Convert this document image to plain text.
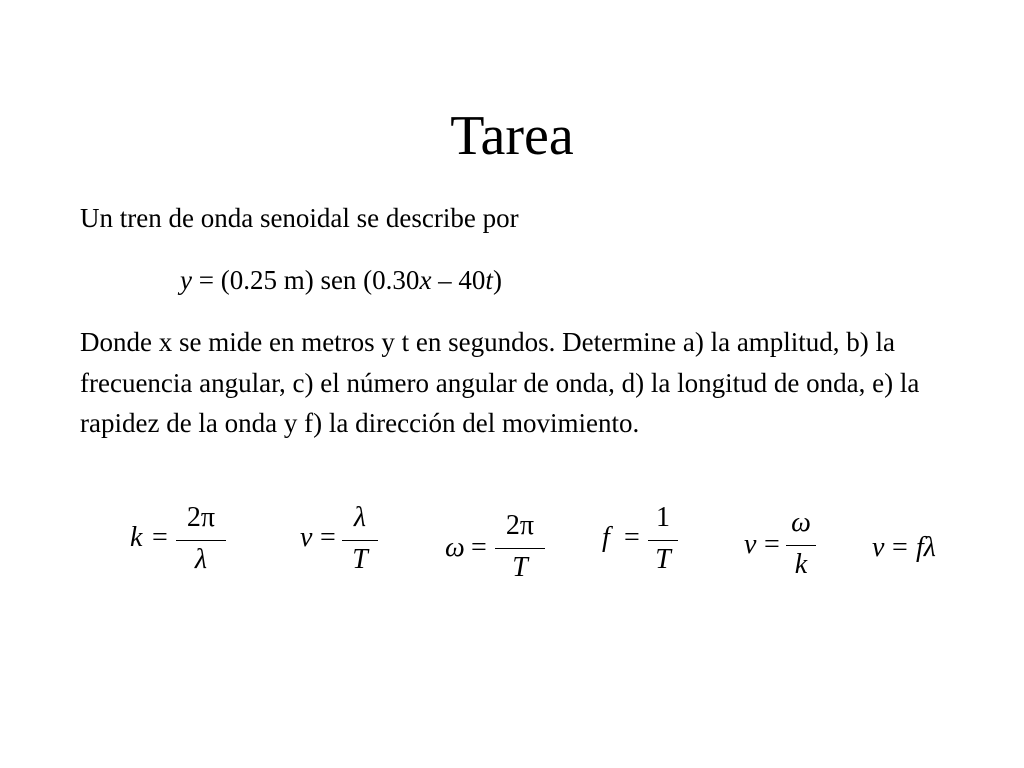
Tarea
Un tren de onda senoidal se describe por
y = (0.25 m) sen (0.30x – 40t)
Donde x se mide en metros y t en segundos. Determine a) la amplitud, b) la frecuencia angular, c) el número angular de onda, d) la longitud de onda, e) la rapidez de la onda y f) la dirección del movimiento.
k =
2π
λ
v =
λ
T	ω =
2π
T
f =
1
T	v =
ω
k
v = fλ
